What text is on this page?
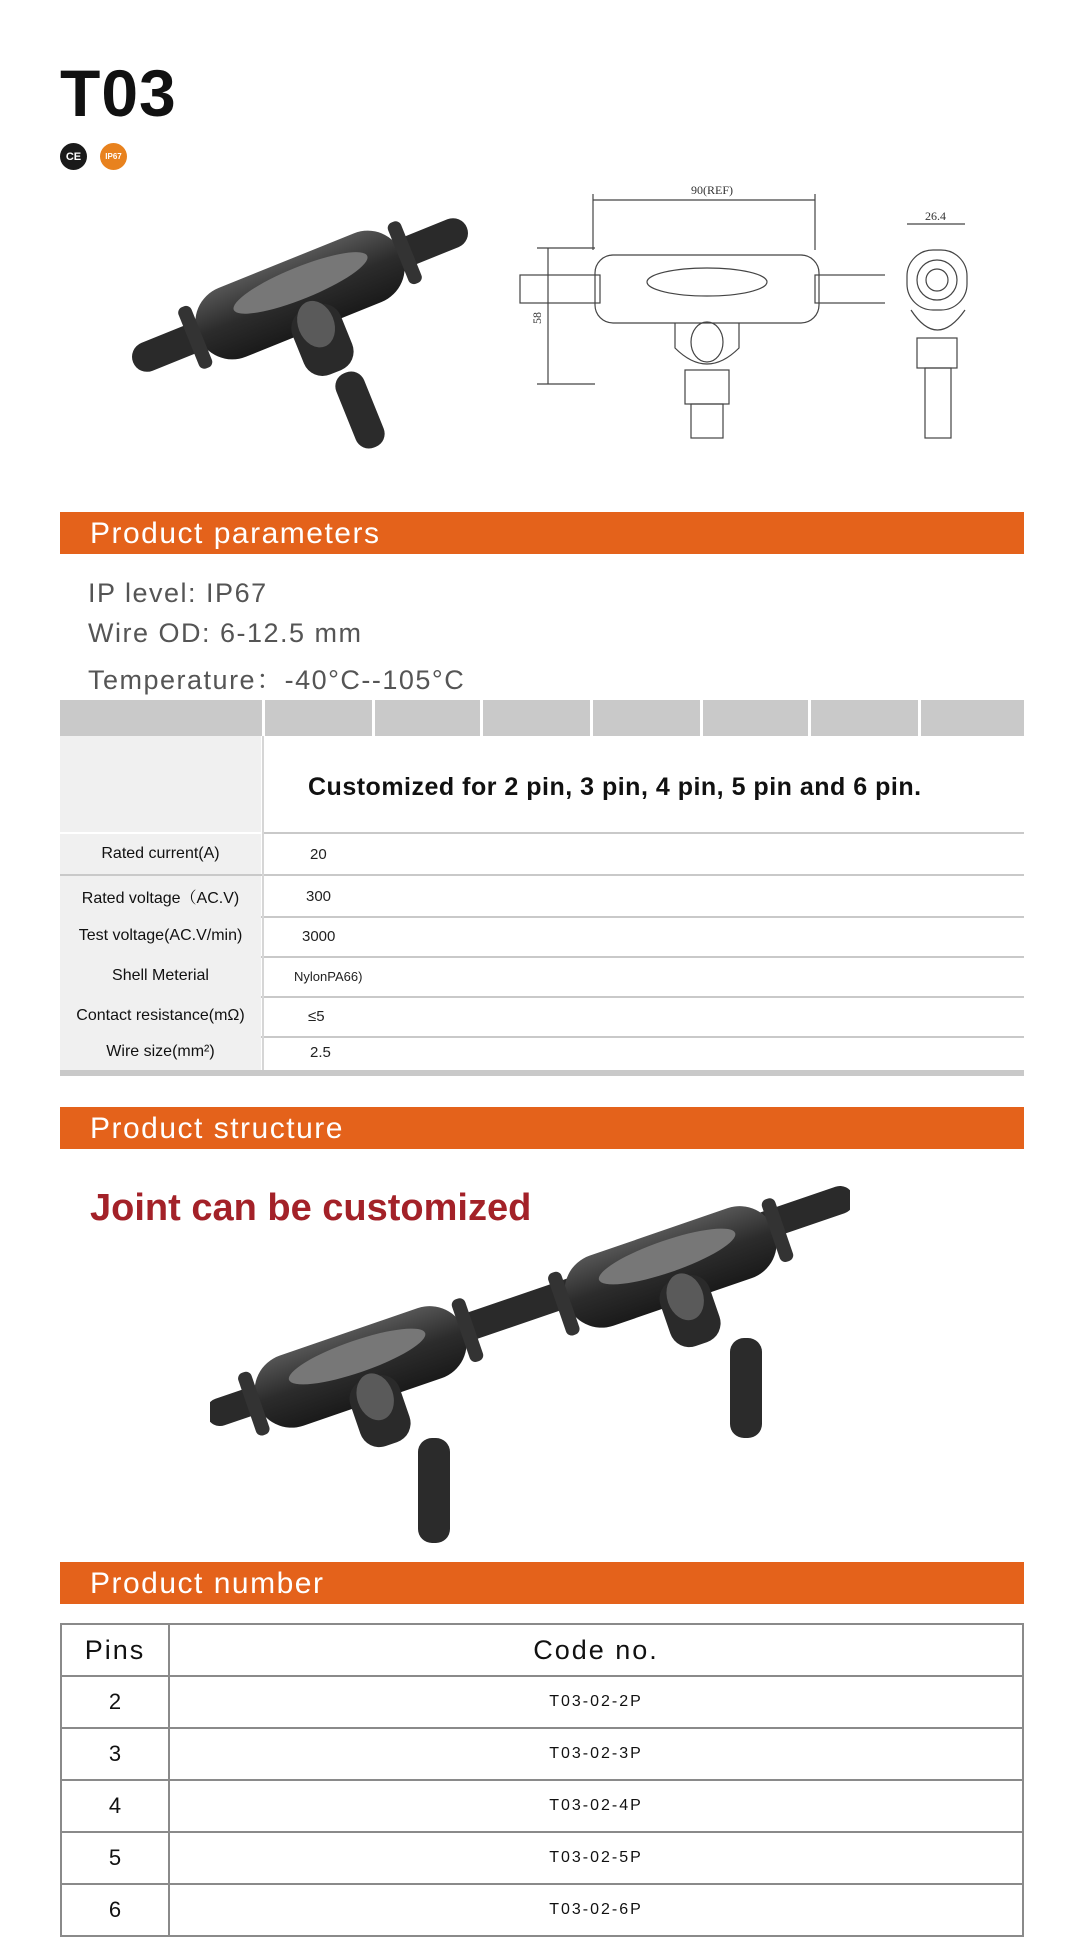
T03
CE	IP67
90(REF)
58
26.4
Product parameters
IP level: IP67
Wire OD: 6-12.5 mm
Temperature：-40°C--105°C
Customized for 2 pin, 3 pin, 4 pin, 5 pin and 6 pin.
Rated current(A)	20
Rated voltage（AC.V)	300
Test voltage(AC.V/min)	3000
Shell Meterial	NylonPA66)
Contact resistance(mΩ)	≤5
Wire size(mm²)	2.5
Product structure
Joint can be customized
Product number
Pins	Code no.
2	T03-02-2P
3	T03-02-3P
4	T03-02-4P
5	T03-02-5P
6	T03-02-6P
